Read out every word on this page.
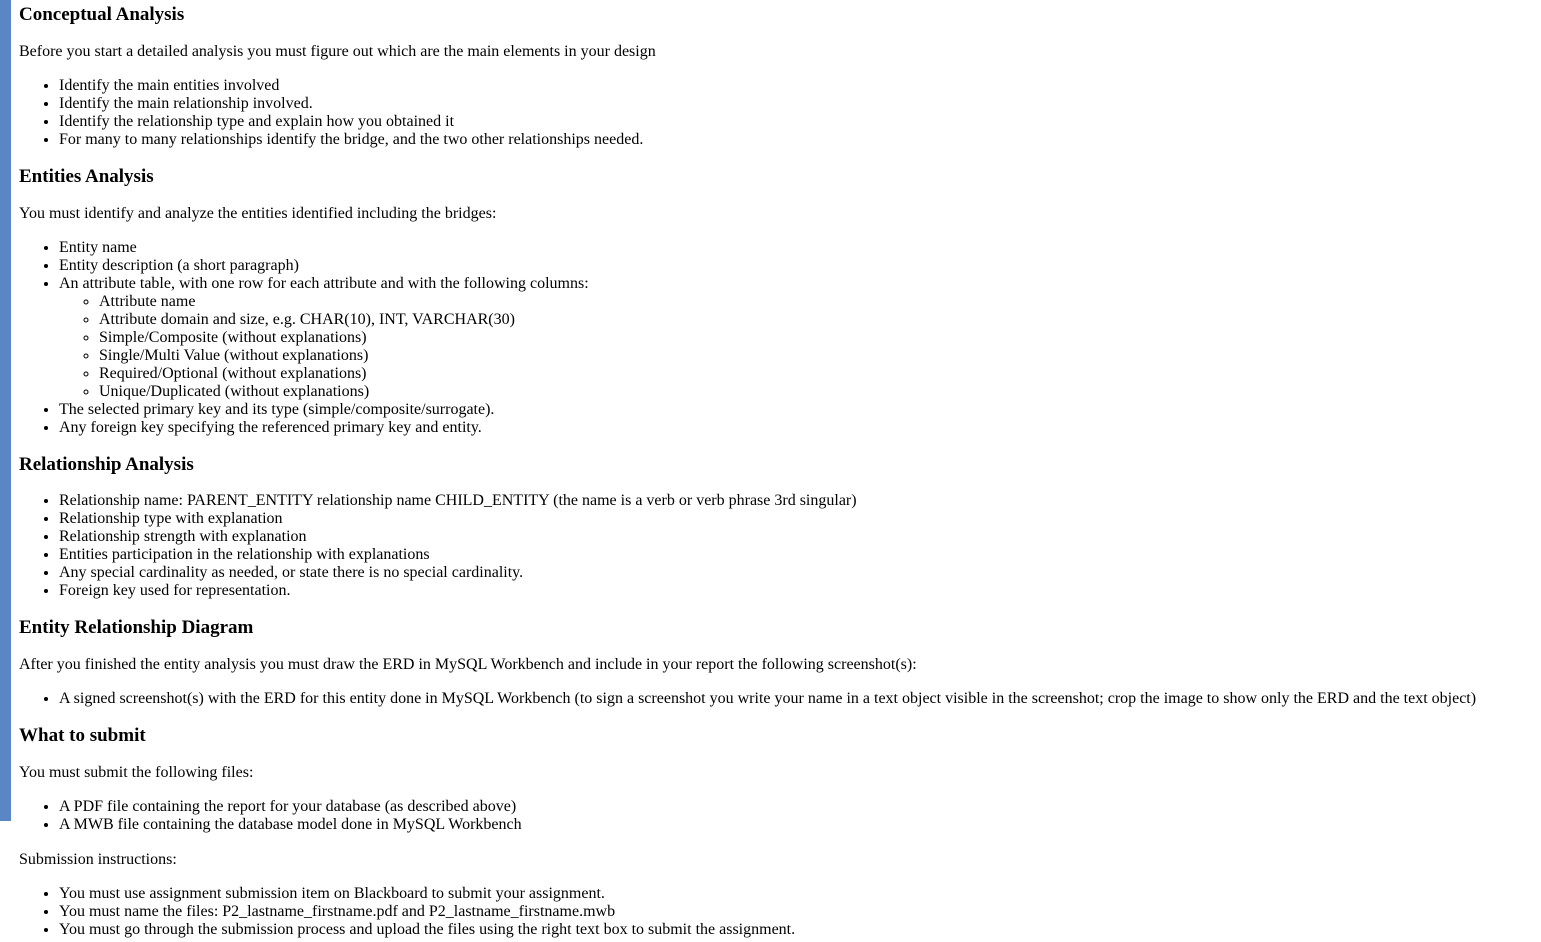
Conceptual Analysis

Before you start a detailed analysis you must figure out which are the main elements in your design

• Identify the main entities involved
• Identify the main relationship involved.
• Identify the relationship type and explain how you obtained it
• For many to many relationships identify the bridge, and the two other relationships needed.
Entities Analysis

You must identify and analyze the entities identified including the bridges:

• Entity name
• Entity description (a short paragraph)
• An attribute table, with one row for each attribute and with the following columns:
◦ Attribute name
◦ Attribute domain and size, e.g. CHAR(10), INT, VARCHAR(30)
◦ Simple/Composite (without explanations)
◦ Single/Multi Value (without explanations)
◦ Required/Optional (without explanations)
◦ Unique/Duplicated (without explanations)
• The selected primary key and its type (simple/composite/surrogate).
• Any foreign key specifying the referenced primary key and entity.
Relationship Analysis
• Relationship name: PARENT_ENTITY relationship name CHILD_ENTITY (the name is a verb or verb phrase 3rd singular)
• Relationship type with explanation
• Relationship strength with explanation
• Entities participation in the relationship with explanations
• Any special cardinality as needed, or state there is no special cardinality.
• Foreign key used for representation.
Entity Relationship Diagram

After you finished the entity analysis you must draw the ERD in MySQL Workbench and include in your report the following screenshot(s):

• A signed screenshot(s) with the ERD for this entity done in MySQL Workbench (to sign a screenshot you write your name in a text object visible in the screenshot; crop the image to show only the ERD and the text object)
What to submit

You must submit the following files:

• A PDF file containing the report for your database (as described above)
• A MWB file containing the database model done in MySQL Workbench

Submission instructions:

• You must use assignment submission item on Blackboard to submit your assignment.
• You must name the files: P2_lastname_firstname.pdf and P2_lastname_firstname.mwb
• You must go through the submission process and upload the files using the right text box to submit the assignment.
